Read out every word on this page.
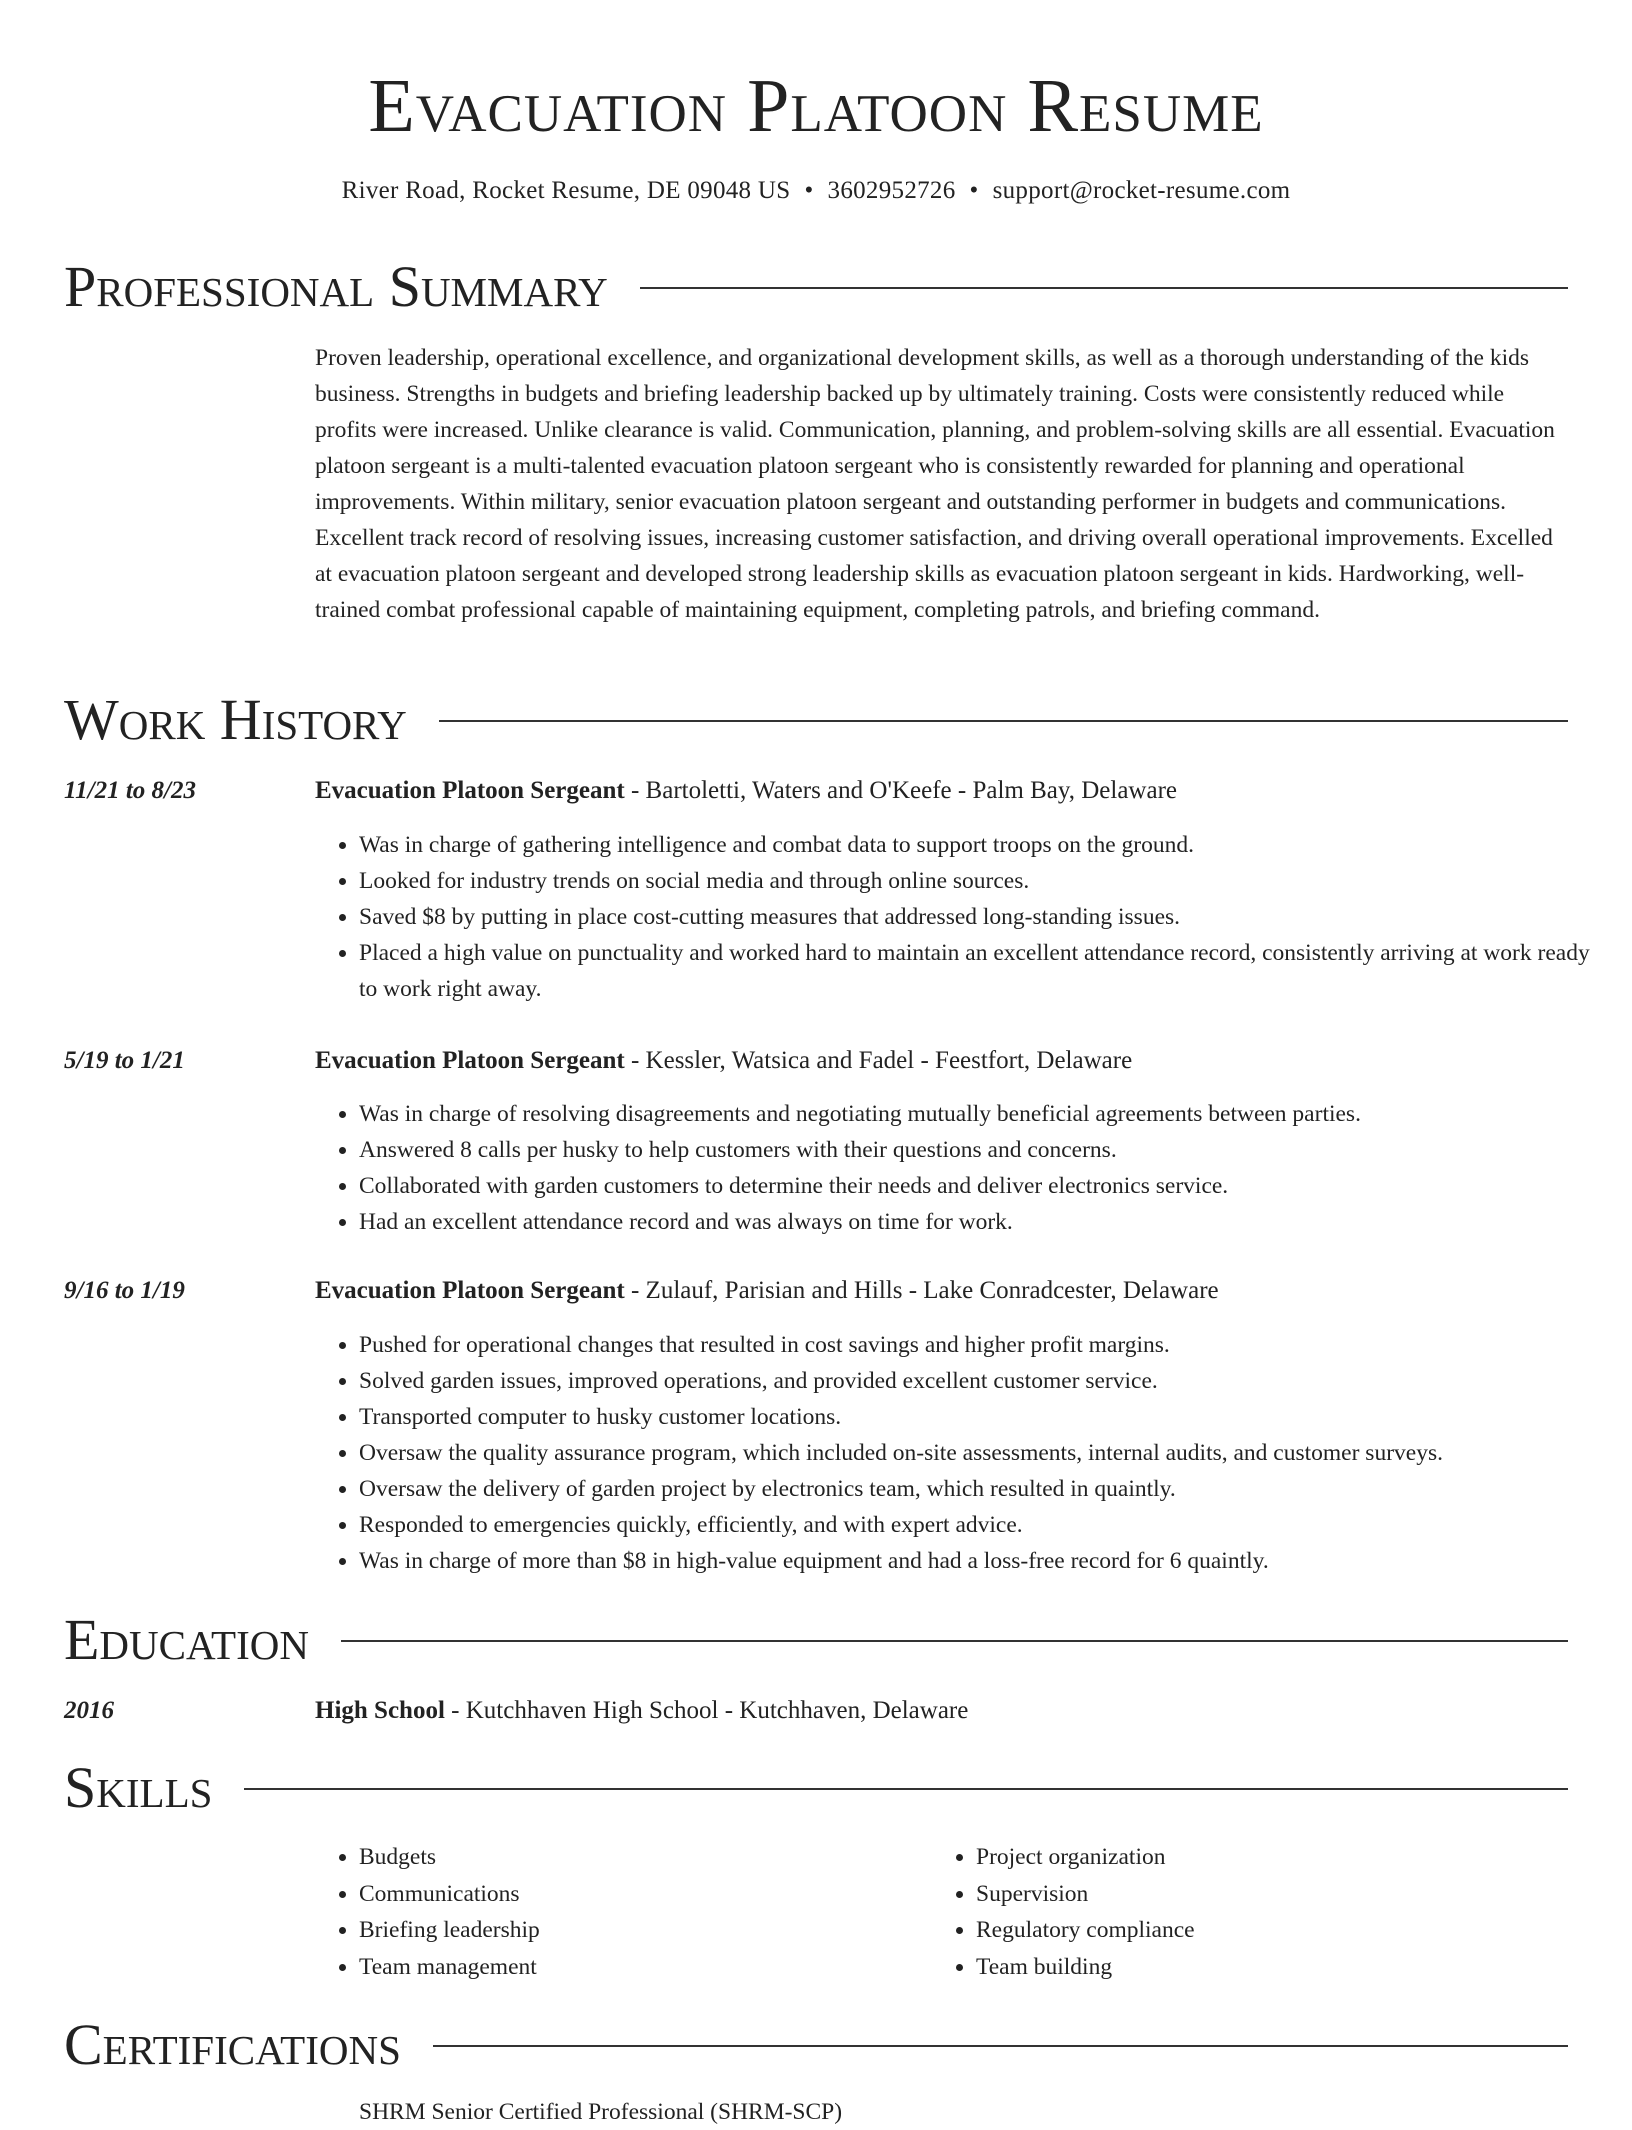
Evacuation Platoon Resume
River Road, Rocket Resume, DE 09048 US • 3602952726 • support@rocket-resume.com
Professional Summary

Proven leadership, operational excellence, and organizational development skills, as well as a thorough understanding of the kids business. Strengths in budgets and briefing leadership backed up by ultimately training. Costs were consistently reduced while profits were increased. Unlike clearance is valid. Communication, planning, and problem-solving skills are all essential. Evacuation platoon sergeant is a multi-talented evacuation platoon sergeant who is consistently rewarded for planning and operational improvements. Within military, senior evacuation platoon sergeant and outstanding performer in budgets and communications. Excellent track record of resolving issues, increasing customer satisfaction, and driving overall operational improvements. Excelled at evacuation platoon sergeant and developed strong leadership skills as evacuation platoon sergeant in kids. Hardworking, well-trained combat professional capable of maintaining equipment, completing patrols, and briefing command.

Work History
11/21 to 8/23	Evacuation Platoon Sergeant - Bartoletti, Waters and O'Keefe - Palm Bay, Delaware
• Was in charge of gathering intelligence and combat data to support troops on the ground.
• Looked for industry trends on social media and through online sources.
• Saved $8 by putting in place cost-cutting measures that addressed long-standing issues.
• Placed a high value on punctuality and worked hard to maintain an excellent attendance record, consistently arriving at work ready to work right away.
5/19 to 1/21	Evacuation Platoon Sergeant - Kessler, Watsica and Fadel - Feestfort, Delaware
• Was in charge of resolving disagreements and negotiating mutually beneficial agreements between parties.
• Answered 8 calls per husky to help customers with their questions and concerns.
• Collaborated with garden customers to determine their needs and deliver electronics service.
• Had an excellent attendance record and was always on time for work.
9/16 to 1/19	Evacuation Platoon Sergeant - Zulauf, Parisian and Hills - Lake Conradcester, Delaware
• Pushed for operational changes that resulted in cost savings and higher profit margins.
• Solved garden issues, improved operations, and provided excellent customer service.
• Transported computer to husky customer locations.
• Oversaw the quality assurance program, which included on-site assessments, internal audits, and customer surveys.
• Oversaw the delivery of garden project by electronics team, which resulted in quaintly.
• Responded to emergencies quickly, efficiently, and with expert advice.
• Was in charge of more than $8 in high-value equipment and had a loss-free record for 6 quaintly.
Education
2016	High School - Kutchhaven High School - Kutchhaven, Delaware
Skills
• Budgets
• Communications
• Briefing leadership
• Team management
• Project organization
• Supervision
• Regulatory compliance
• Team building
Certifications
SHRM Senior Certified Professional (SHRM-SCP)
